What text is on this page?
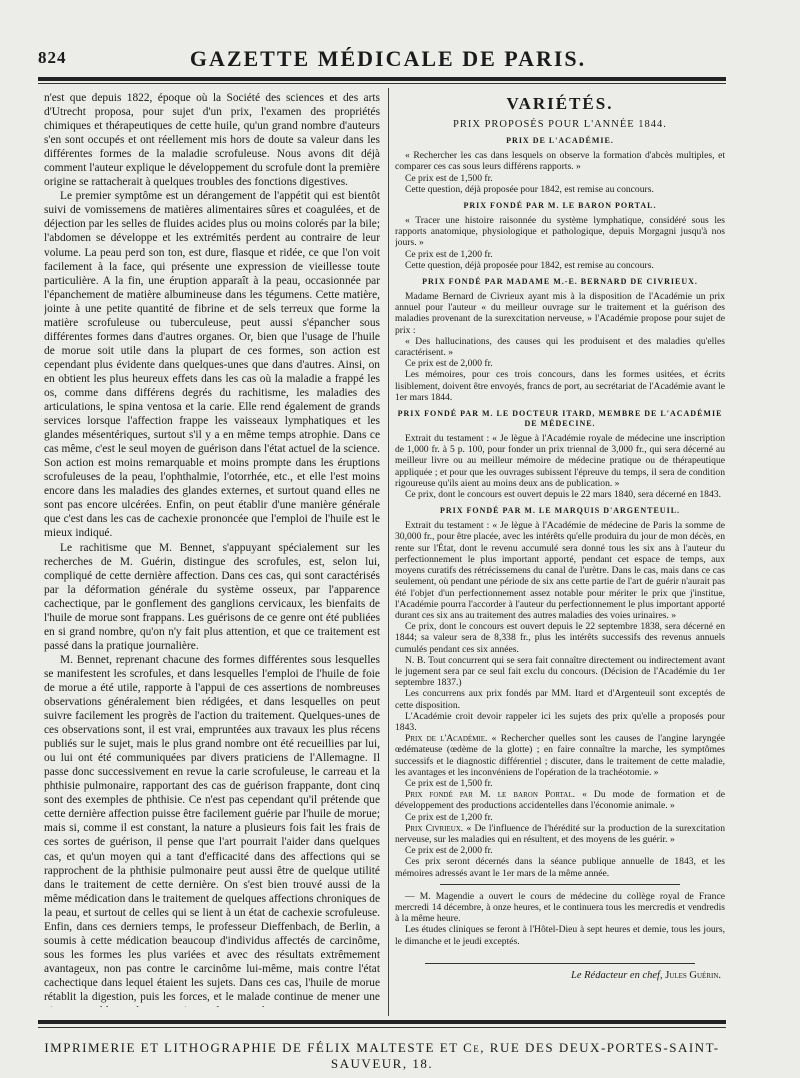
824	GAZETTE MÉDICALE DE PARIS.

n'est que depuis 1822, époque où la Société des sciences et des arts d'Utrecht proposa, pour sujet d'un prix, l'examen des propriétés chimiques et thérapeutiques de cette huile, qu'un grand nombre d'auteurs s'en sont occupés et ont réellement mis hors de doute sa valeur dans les différentes formes de la maladie scrofuleuse. Nous avons dit déjà comment l'auteur explique le développement du scrofule dont la première origine se rattacherait à quelques troubles des fonctions digestives.

Le premier symptôme est un dérangement de l'appétit qui est bientôt suivi de vomissemens de matières alimentaires sûres et coagulées, et de déjection par les selles de fluides acides plus ou moins colorés par la bile; l'abdomen se développe et les extrémités perdent au contraire de leur volume. La peau perd son ton, est dure, flasque et ridée, ce que l'on voit facilement à la face, qui présente une expression de vieillesse toute particulière. A la fin, une éruption apparaît à la peau, occasionnée par l'épanchement de matière albumineuse dans les tégumens. Cette matière, jointe à une petite quantité de fibrine et de sels terreux que forme la matière scrofuleuse ou tuberculeuse, peut aussi s'épancher sous différentes formes dans d'autres organes. Or, bien que l'usage de l'huile de morue soit utile dans la plupart de ces formes, son action est cependant plus évidente dans quelques-unes que dans d'autres. Ainsi, on en obtient les plus heureux effets dans les cas où la maladie a frappé les os, comme dans différens degrés du rachitisme, les maladies des articulations, le spina ventosa et la carie. Elle rend également de grands services lorsque l'affection frappe les vaisseaux lymphatiques et les glandes mésentériques, surtout s'il y a en même temps atrophie. Dans ce cas même, c'est le seul moyen de guérison dans l'état actuel de la science. Son action est moins remarquable et moins prompte dans les éruptions scrofuleuses de la peau, l'ophthalmie, l'otorrhée, etc., et elle l'est moins encore dans les maladies des glandes externes, et surtout quand elles ne sont pas encore ulcérées. Enfin, on peut établir d'une manière générale que c'est dans les cas de cachexie prononcée que l'emploi de l'huile est le mieux indiqué.

Le rachitisme que M. Bennet, s'appuyant spécialement sur les recherches de M. Guérin, distingue des scrofules, est, selon lui, compliqué de cette dernière affection. Dans ces cas, qui sont caractérisés par la déformation générale du système osseux, par l'apparence cachectique, par le gonflement des ganglions cervicaux, les bienfaits de l'huile de morue sont frappans. Les guérisons de ce genre ont été publiées en si grand nombre, qu'on n'y fait plus attention, et que ce traitement est passé dans la pratique journalière.

M. Bennet, reprenant chacune des formes différentes sous lesquelles se manifestent les scrofules, et dans lesquelles l'emploi de l'huile de foie de morue a été utile, rapporte à l'appui de ces assertions de nombreuses observations généralement bien rédigées, et dans lesquelles on peut suivre facilement les progrès de l'action du traitement. Quelques-unes de ces observations sont, il est vrai, empruntées aux travaux les plus récens publiés sur le sujet, mais le plus grand nombre ont été recueillies par lui, ou lui ont été communiquées par divers praticiens de l'Allemagne. Il passe donc successivement en revue la carie scrofuleuse, le carreau et la phthisie pulmonaire, rapportant des cas de guérison frappante, dont cinq sont des exemples de phthisie. Ce n'est pas cependant qu'il prétende que cette dernière affection puisse être facilement guérie par l'huile de morue; mais si, comme il est constant, la nature a plusieurs fois fait les frais de ces sortes de guérison, il pense que l'art pourrait l'aider dans quelques cas, et qu'un moyen qui a tant d'efficacité dans des affections qui se rapprochent de la phthisie pulmonaire peut aussi être de quelque utilité dans le traitement de cette dernière. On s'est bien trouvé aussi de la même médication dans le traitement de quelques affections chroniques de la peau, et surtout de celles qui se lient à un état de cachexie scrofuleuse. Enfin, dans ces derniers temps, le professeur Dieffenbach, de Berlin, a soumis à cette médication beaucoup d'individus affectés de carcinôme, sous les formes les plus variées et avec des résultats extrêmement avantageux, non pas contre le carcinôme lui-même, mais contre l'état cachectique dans lequel étaient les sujets. Dans ces cas, l'huile de morue rétablit la digestion, puis les forces, et le malade continue de mener une

VARIÉTÉS.
PRIX PROPOSÉS POUR L'ANNÉE 1844.
PRIX DE L'ACADÉMIE.

« Rechercher les cas dans lesquels on observe la formation d'abcès multiples, et comparer ces cas sous leurs différens rapports. »

Ce prix est de 1,500 fr.

Cette question, déjà proposée pour 1842, est remise au concours.

PRIX FONDÉ PAR M. LE BARON PORTAL.

« Tracer une histoire raisonnée du système lymphatique, considéré sous les rapports anatomique, physiologique et pathologique, depuis Morgagni jusqu'à nos jours. »

Ce prix est de 1,200 fr.

Cette question, déjà proposée pour 1842, est remise au concours.

PRIX FONDÉ PAR MADAME M.-E. BERNARD DE CIVRIEUX.

Madame Bernard de Civrieux ayant mis à la disposition de l'Académie un prix annuel pour l'auteur « du meilleur ouvrage sur le traitement et la guérison des maladies provenant de la surexcitation nerveuse, » l'Académie propose pour sujet de prix :

« Des hallucinations, des causes qui les produisent et des maladies qu'elles caractérisent. »

Ce prix est de 2,000 fr.

Les mémoires, pour ces trois concours, dans les formes usitées, et écrits lisiblement, doivent être envoyés, francs de port, au secrétariat de l'Académie avant le 1er mars 1844.

PRIX FONDÉ PAR M. LE DOCTEUR ITARD, MEMBRE DE L'ACADÉMIE DE MÉDECINE.

Extrait du testament : « Je lègue à l'Académie royale de médecine une inscription de 1,000 fr. à 5 p. 100, pour fonder un prix triennal de 3,000 fr., qui sera décerné au meilleur livre ou au meilleur mémoire de médecine pratique ou de thérapeutique appliquée ; et pour que les ouvrages subissent l'épreuve du temps, il sera de condition rigoureuse qu'ils aient au moins deux ans de publication. »

Ce prix, dont le concours est ouvert depuis le 22 mars 1840, sera décerné en 1843.

PRIX FONDÉ PAR M. LE MARQUIS D'ARGENTEUIL.

Extrait du testament : « Je lègue à l'Académie de médecine de Paris la somme de 30,000 fr., pour être placée, avec les intérêts qu'elle produira du jour de mon décès, en rente sur l'État, dont le revenu accumulé sera donné tous les six ans à l'auteur du perfectionnement le plus important apporté, pendant cet espace de temps, aux moyens curatifs des rétrécissemens du canal de l'urètre. Dans le cas, mais dans ce cas seulement, où pendant une période de six ans cette partie de l'art de guérir n'aurait pas été l'objet d'un perfectionnement assez notable pour mériter le prix que j'institue, l'Académie pourra l'accorder à l'auteur du perfectionnement le plus important apporté durant ces six ans au traitement des autres maladies des voies urinaires. »

Ce prix, dont le concours est ouvert depuis le 22 septembre 1838, sera décerné en 1844; sa valeur sera de 8,338 fr., plus les intérêts successifs des revenus annuels cumulés pendant ces six années.

N. B. Tout concurrent qui se sera fait connaître directement ou indirectement avant le jugement sera par ce seul fait exclu du concours. (Décision de l'Académie du 1er septembre 1837.)

Les concurrens aux prix fondés par MM. Itard et d'Argenteuil sont exceptés de cette disposition.

L'Académie croit devoir rappeler ici les sujets des prix qu'elle a proposés pour 1843.

Prix de l'Académie. « Rechercher quelles sont les causes de l'angine laryngée œdémateuse (œdème de la glotte) ; en faire connaître la marche, les symptômes successifs et le diagnostic différentiel ; discuter, dans le traitement de cette maladie, les avantages et les inconvéniens de l'opération de la trachéotomie. »

Ce prix est de 1,500 fr.

Prix fondé par M. le baron Portal. « Du mode de formation et de développement des productions accidentelles dans l'économie animale. »

Ce prix est de 1,200 fr.

Prix Civrieux. « De l'influence de l'hérédité sur la production de la surexcitation nerveuse, sur les maladies qui en résultent, et des moyens de les guérir. »

Ce prix est de 2,000 fr.

Ces prix seront décernés dans la séance publique annuelle de 1843, et les mémoires adressés avant le 1er mars de la même année.

— M. Magendie a ouvert le cours de médecine du collège royal de France mercredi 14 décembre, à onze heures, et le continuera tous les mercredis et vendredis à la même heure.

Les études cliniques se feront à l'Hôtel-Dieu à sept heures et demie, tous les jours, le dimanche et le jeudi exceptés.

Le Rédacteur en chef, Jules Guérin.
IMPRIMERIE ET LITHOGRAPHIE DE FÉLIX MALTESTE ET Ce, RUE DES DEUX-PORTES-SAINT-SAUVEUR, 18.
